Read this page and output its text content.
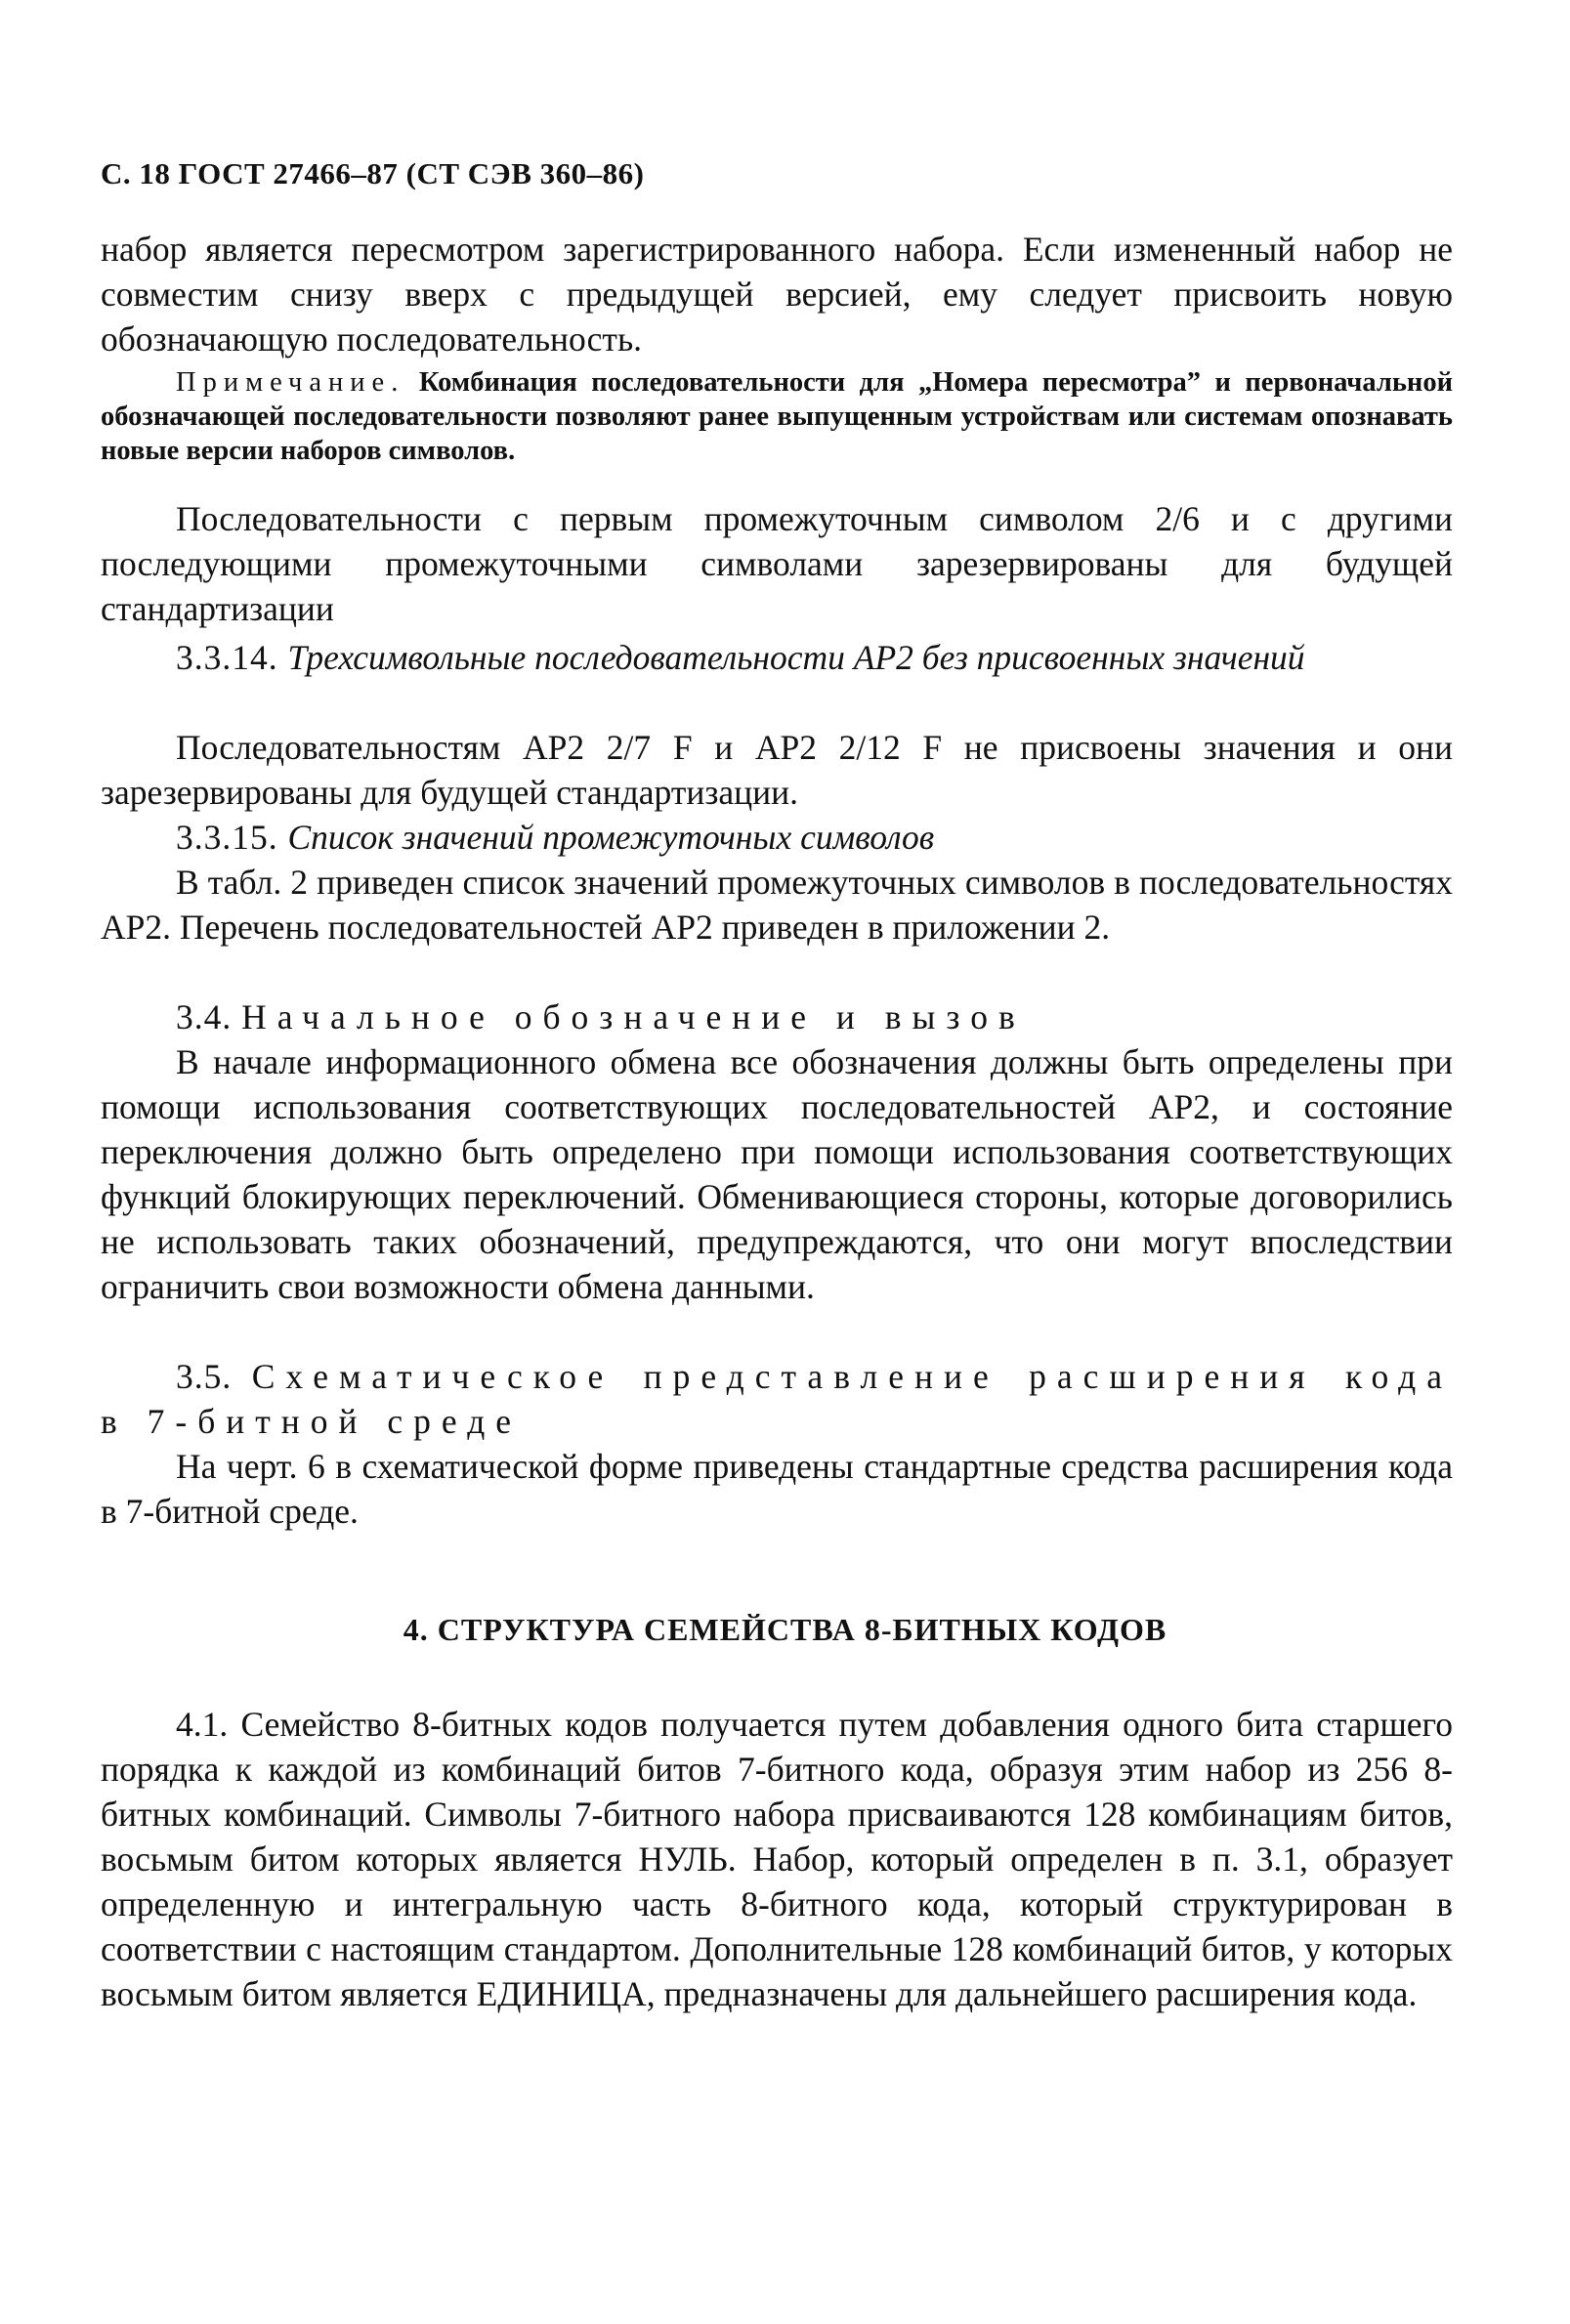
С. 18 ГОСТ 27466–87 (СТ СЭВ 360–86)
набор является пересмотром зарегистрированного набора. Если измененный набор не совместим снизу вверх с предыдущей версией, ему следует присвоить новую обозначающую последовательность.
Примечание. Комбинация последовательности для „Номера пересмотра” и первоначальной обозначающей последовательности позволяют ранее выпущенным устройствам или системам опознавать новые версии наборов символов.
Последовательности с первым промежуточным символом 2/6 и с другими последующими промежуточными символами зарезервированы для будущей стандартизации
3.3.14. Трехсимвольные последовательности АР2 без присвоенных значений
Последовательностям АР2 2/7 F и АР2 2/12 F не присвоены значения и они зарезервированы для будущей стандартизации.
3.3.15. Список значений промежуточных символов
В табл. 2 приведен список значений промежуточных символов в последовательностях АР2. Перечень последовательностей АР2 приведен в приложении 2.
3.4. Начальное обозначение и вызов
В начале информационного обмена все обозначения должны быть определены при помощи использования соответствующих последовательностей АР2, и состояние переключения должно быть определено при помощи использования соответствующих функций блокирующих переключений. Обменивающиеся стороны, которые договорились не использовать таких обозначений, предупреждаются, что они могут впоследствии ограничить свои возможности обмена данными.
3.5. Схематическое представление расширения кода в 7-битной среде
На черт. 6 в схематической форме приведены стандартные средства расширения кода в 7-битной среде.
4. СТРУКТУРА СЕМЕЙСТВА 8-БИТНЫХ КОДОВ
4.1. Семейство 8-битных кодов получается путем добавления одного бита старшего порядка к каждой из комбинаций битов 7-битного кода, образуя этим набор из 256 8-битных комбинаций. Символы 7-битного набора присваиваются 128 комбинациям битов, восьмым битом которых является НУЛЬ. Набор, который определен в п. 3.1, образует определенную и интегральную часть 8-битного кода, который структурирован в соответствии с настоящим стандартом. Дополнительные 128 комбинаций битов, у которых восьмым битом является ЕДИНИЦА, предназначены для дальнейшего расширения кода.
